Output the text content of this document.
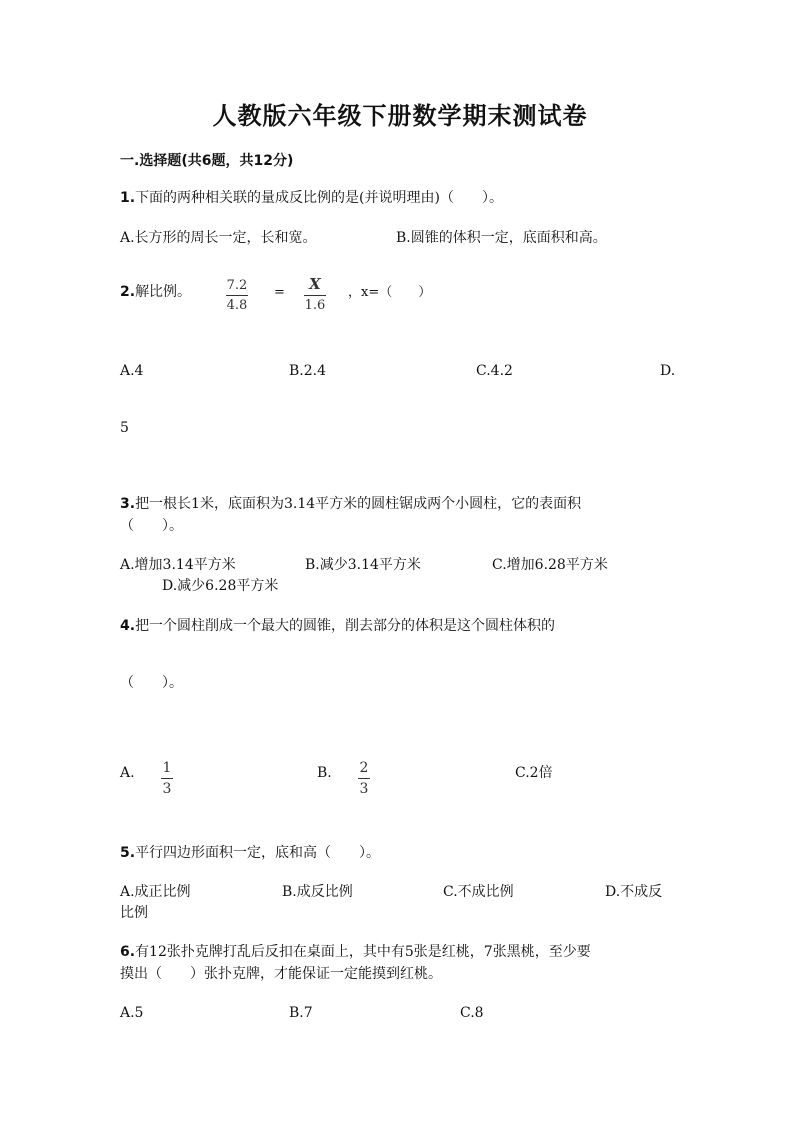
人教版六年级下册数学期末测试卷
一.选择题(共6题，共12分)
1.下面的两种相关联的量成反比例的是(并说明理由)（　　）。
A.长方形的周长一定，长和宽。	B.圆锥的体积一定，底面积和高。
2.解比例。	$\frac{7.2}{4.8} = \frac{X}{1.6}$ ，x=（　　）
A.4	B.2.4	C.4.2	D.
5
3.把一根长1米，底面积为3.14平方米的圆柱锯成两个小圆柱，它的表面积
（　　）。
A.增加3.14平方米	B.减少3.14平方米	C.增加6.28平方米
D.减少6.28平方米
4.把一个圆柱削成一个最大的圆锥，削去部分的体积是这个圆柱体积的
（　　）。
A. $\frac{1}{3}$	B. $\frac{2}{3}$	C.2倍
5.平行四边形面积一定，底和高（　　）。
A.成正比例	B.成反比例	C.不成比例	D.不成反
比例
6.有12张扑克牌打乱后反扣在桌面上，其中有5张是红桃，7张黑桃，至少要
摸出（　　）张扑克牌，才能保证一定能摸到红桃。
A.5	B.7	C.8
